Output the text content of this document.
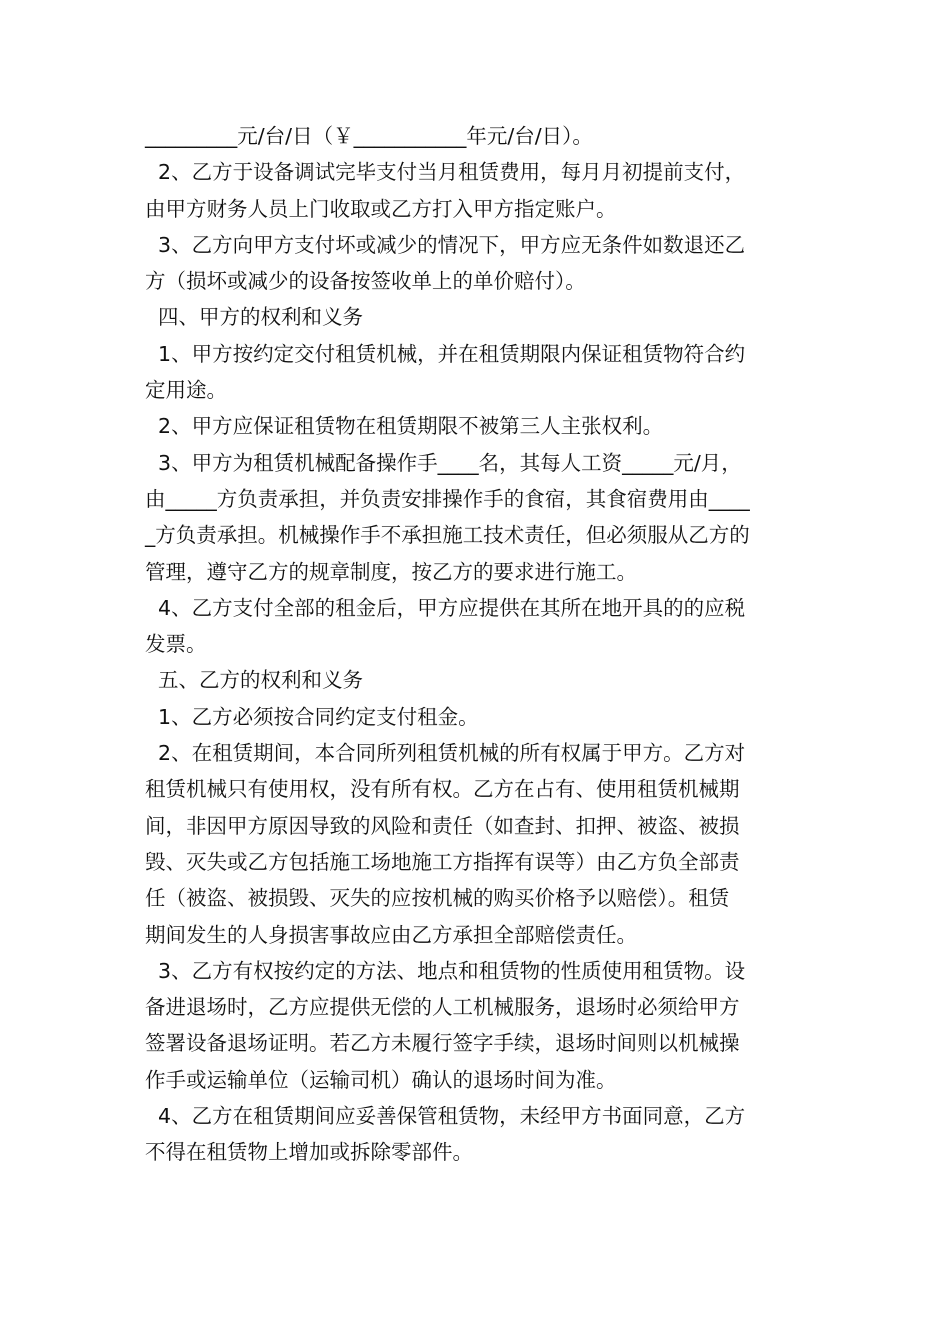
_________元/台/日（￥___________年元/台/日）。
2、乙方于设备调试完毕支付当月租赁费用，每月月初提前支付，
由甲方财务人员上门收取或乙方打入甲方指定账户。
3、乙方向甲方支付坏或减少的情况下，甲方应无条件如数退还乙
方（损坏或减少的设备按签收单上的单价赔付）。
四、甲方的权利和义务
1、甲方按约定交付租赁机械，并在租赁期限内保证租赁物符合约
定用途。
2、甲方应保证租赁物在租赁期限不被第三人主张权利。
3、甲方为租赁机械配备操作手____名，其每人工资_____元/月，
由_____方负责承担，并负责安排操作手的食宿，其食宿费用由____
_方负责承担。机械操作手不承担施工技术责任，但必须服从乙方的
管理，遵守乙方的规章制度，按乙方的要求进行施工。
4、乙方支付全部的租金后，甲方应提供在其所在地开具的的应税
发票。
五、乙方的权利和义务
1、乙方必须按合同约定支付租金。
2、在租赁期间，本合同所列租赁机械的所有权属于甲方。乙方对
租赁机械只有使用权，没有所有权。乙方在占有、使用租赁机械期
间，非因甲方原因导致的风险和责任（如查封、扣押、被盗、被损
毁、灭失或乙方包括施工场地施工方指挥有误等）由乙方负全部责
任（被盗、被损毁、灭失的应按机械的购买价格予以赔偿）。租赁
期间发生的人身损害事故应由乙方承担全部赔偿责任。
3、乙方有权按约定的方法、地点和租赁物的性质使用租赁物。设
备进退场时，乙方应提供无偿的人工机械服务，退场时必须给甲方
签署设备退场证明。若乙方未履行签字手续，退场时间则以机械操
作手或运输单位（运输司机）确认的退场时间为准。
4、乙方在租赁期间应妥善保管租赁物，未经甲方书面同意，乙方
不得在租赁物上增加或拆除零部件。
